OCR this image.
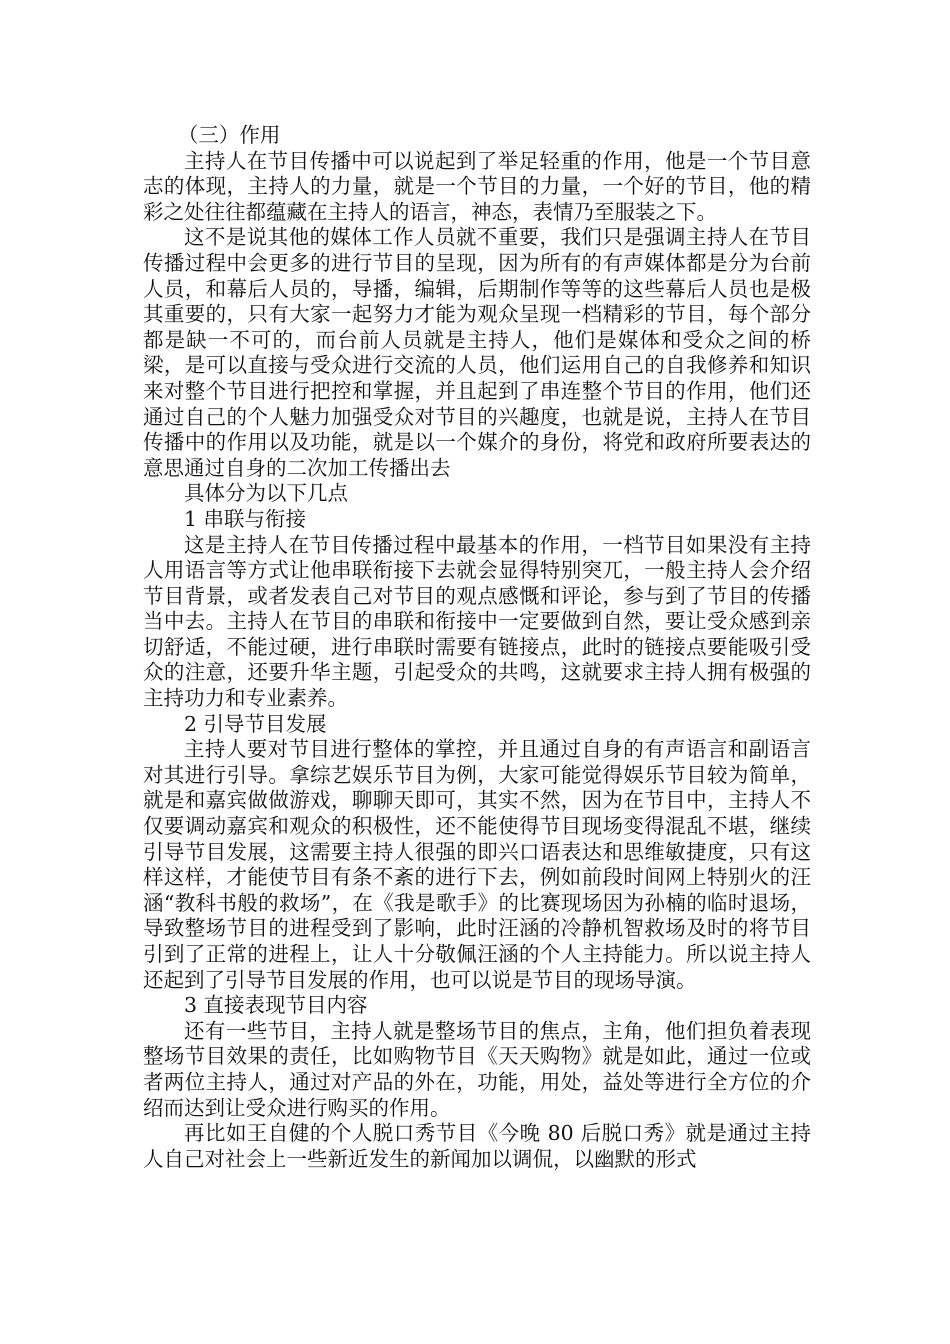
（三）作用

主持人在节目传播中可以说起到了举足轻重的作用，他是一个节目意志的体现，主持人的力量，就是一个节目的力量，一个好的节目，他的精彩之处往往都蕴藏在主持人的语言，神态，表情乃至服装之下。

这不是说其他的媒体工作人员就不重要，我们只是强调主持人在节目传播过程中会更多的进行节目的呈现，因为所有的有声媒体都是分为台前人员，和幕后人员的，导播，编辑，后期制作等等的这些幕后人员也是极其重要的，只有大家一起努力才能为观众呈现一档精彩的节目，每个部分都是缺一不可的，而台前人员就是主持人，他们是媒体和受众之间的桥梁，是可以直接与受众进行交流的人员，他们运用自己的自我修养和知识来对整个节目进行把控和掌握，并且起到了串连整个节目的作用，他们还通过自己的个人魅力加强受众对节目的兴趣度，也就是说，主持人在节目传播中的作用以及功能，就是以一个媒介的身份，将党和政府所要表达的意思通过自身的二次加工传播出去

具体分为以下几点

1 串联与衔接

这是主持人在节目传播过程中最基本的作用，一档节目如果没有主持人用语言等方式让他串联衔接下去就会显得特别突兀，一般主持人会介绍节目背景，或者发表自己对节目的观点感慨和评论，参与到了节目的传播当中去。主持人在节目的串联和衔接中一定要做到自然，要让受众感到亲切舒适，不能过硬，进行串联时需要有链接点，此时的链接点要能吸引受众的注意，还要升华主题，引起受众的共鸣，这就要求主持人拥有极强的主持功力和专业素养。

2 引导节目发展

主持人要对节目进行整体的掌控，并且通过自身的有声语言和副语言对其进行引导。拿综艺娱乐节目为例，大家可能觉得娱乐节目较为简单，就是和嘉宾做做游戏，聊聊天即可，其实不然，因为在节目中，主持人不仅要调动嘉宾和观众的积极性，还不能使得节目现场变得混乱不堪，继续引导节目发展，这需要主持人很强的即兴口语表达和思维敏捷度，只有这样这样，才能使节目有条不紊的进行下去，例如前段时间网上特别火的汪涵“教科书般的救场”，在《我是歌手》的比赛现场因为孙楠的临时退场，导致整场节目的进程受到了影响，此时汪涵的冷静机智救场及时的将节目引到了正常的进程上，让人十分敬佩汪涵的个人主持能力。所以说主持人还起到了引导节目发展的作用，也可以说是节目的现场导演。

3 直接表现节目内容

还有一些节目，主持人就是整场节目的焦点，主角，他们担负着表现整场节目效果的责任，比如购物节目《天天购物》就是如此，通过一位或者两位主持人，通过对产品的外在，功能，用处，益处等进行全方位的介绍而达到让受众进行购买的作用。

再比如王自健的个人脱口秀节目《今晚 80 后脱口秀》就是通过主持人自己对社会上一些新近发生的新闻加以调侃，以幽默的形式
